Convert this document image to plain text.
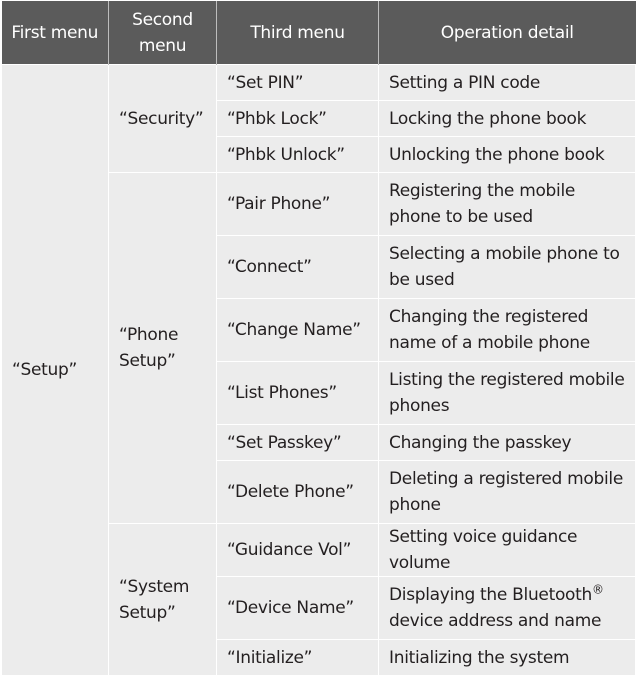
First menu	Second menu	Third menu	Operation detail
“Setup”	“Security”	“Set PIN”	Setting a PIN code
		“Phbk Lock”	Locking the phone book
		“Phbk Unlock”	Unlocking the phone book
	“Phone Setup”	“Pair Phone”	Registering the mobile phone to be used
		“Connect”	Selecting a mobile phone to be used
		“Change Name”	Changing the registered name of a mobile phone
		“List Phones”	Listing the registered mobile phones
		“Set Passkey”	Changing the passkey
		“Delete Phone”	Deleting a registered mobile phone
	“System Setup”	“Guidance Vol”	Setting voice guidance volume
		“Device Name”	Displaying the Bluetooth® device address and name
		“Initialize”	Initializing the system
